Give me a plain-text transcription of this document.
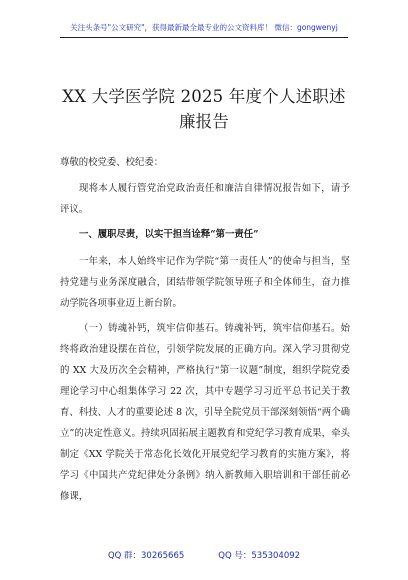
关注头条号"公文研究"，获得最新最全最专业的公文资料库！ 微信：gongwenyj
XX 大学医学院 2025 年度个人述职述廉报告

尊敬的校党委、校纪委：

现将本人履行管党治党政治责任和廉洁自律情况报告如下，请予评议。

一、履职尽责，以实干担当诠释“第一责任”

一年来，本人始终牢记作为学院“第一责任人”的使命与担当，坚持党建与业务深度融合，团结带领学院领导班子和全体师生，奋力推动学院各项事业迈上新台阶。

（一）铸魂补钙，筑牢信仰基石。铸魂补钙，筑牢信仰基石。始终将政治建设摆在首位，引领学院发展的正确方向。深入学习贯彻党的 XX 大及历次全会精神，严格执行“第一议题”制度，组织学院党委理论学习中心组集体学习 22 次，其中专题学习习近平总书记关于教育、科技、人才的重要论述 8 次，引导全院党员干部深刻领悟“两个确立”的决定性意义。持续巩固拓展主题教育和党纪学习教育成果，牵头制定《XX 学院关于常态化长效化开展党纪学习教育的实施方案》，将学习《中国共产党纪律处分条例》纳入新教师入职培训和干部任前必修课，

QQ 群：30265665	QQ 号：535304092
